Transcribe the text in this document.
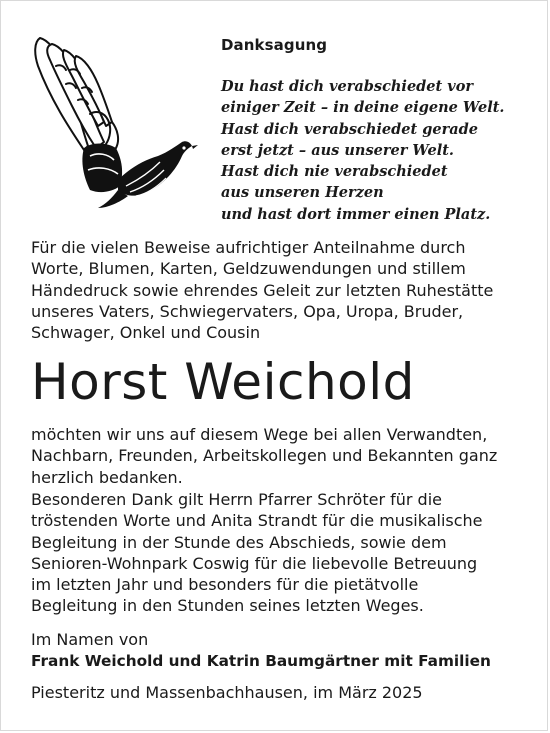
Danksagung
Du hast dich verabschiedet vor
einiger Zeit – in deine eigene Welt.
Hast dich verabschiedet gerade
erst jetzt – aus unserer Welt.
Hast dich nie verabschiedet
aus unseren Herzen
und hast dort immer einen Platz.
Für die vielen Beweise aufrichtiger Anteilnahme durch
Worte, Blumen, Karten, Geldzuwendungen und stillem
Händedruck sowie ehrendes Geleit zur letzten Ruhestätte
unseres Vaters, Schwiegervaters, Opa, Uropa, Bruder,
Schwager, Onkel und Cousin
Horst Weichold
möchten wir uns auf diesem Wege bei allen Verwandten,
Nachbarn, Freunden, Arbeitskollegen und Bekannten ganz
herzlich bedanken.
Besonderen Dank gilt Herrn Pfarrer Schröter für die
tröstenden Worte und Anita Strandt für die musikalische
Begleitung in der Stunde des Abschieds, sowie dem
Senioren-Wohnpark Coswig für die liebevolle Betreuung
im letzten Jahr und besonders für die pietätvolle
Begleitung in den Stunden seines letzten Weges.
Im Namen von
Frank Weichold und Katrin Baumgärtner mit Familien
Piesteritz und Massenbachhausen, im März 2025
